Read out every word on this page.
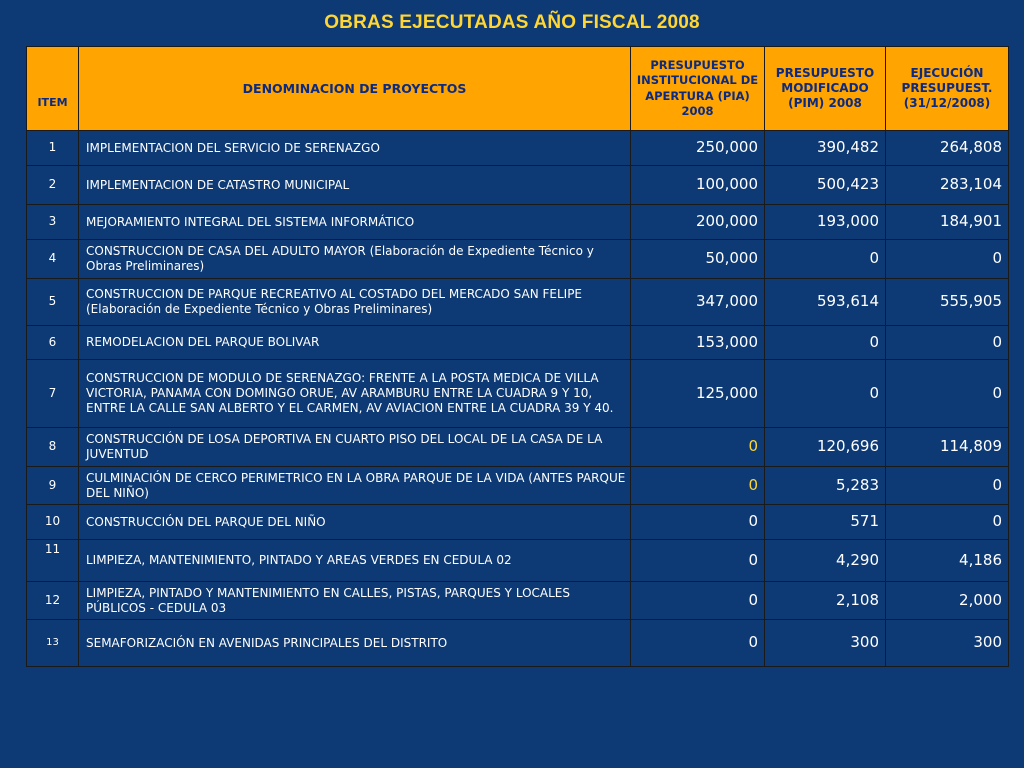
OBRAS EJECUTADAS AÑO FISCAL 2008
ITEM	DENOMINACION DE PROYECTOS	PRESUPUESTO INSTITUCIONAL DE APERTURA (PIA) 2008	PRESUPUESTO MODIFICADO (PIM) 2008	EJECUCIÓN PRESUPUEST. (31/12/2008)
1	IMPLEMENTACION DEL SERVICIO DE SERENAZGO	250,000	390,482	264,808
2	IMPLEMENTACION DE CATASTRO MUNICIPAL	100,000	500,423	283,104
3	MEJORAMIENTO INTEGRAL DEL SISTEMA INFORMÁTICO	200,000	193,000	184,901
4	CONSTRUCCION DE CASA DEL ADULTO MAYOR (Elaboración de Expediente Técnico y Obras Preliminares)	50,000	0	0
5	CONSTRUCCION DE PARQUE RECREATIVO AL COSTADO DEL MERCADO SAN FELIPE (Elaboración de Expediente Técnico y Obras Preliminares)	347,000	593,614	555,905
6	REMODELACION DEL PARQUE BOLIVAR	153,000	0	0
7	CONSTRUCCION DE MODULO DE SERENAZGO: FRENTE A LA POSTA MEDICA DE VILLA VICTORIA, PANAMA CON DOMINGO ORUE, AV ARAMBURU ENTRE LA CUADRA 9 Y 10, ENTRE LA CALLE SAN ALBERTO Y EL CARMEN, AV AVIACION ENTRE LA CUADRA 39 Y 40.	125,000	0	0
8	CONSTRUCCIÓN DE LOSA DEPORTIVA EN CUARTO PISO DEL LOCAL DE LA CASA DE LA JUVENTUD	0	120,696	114,809
9	CULMINACIÓN DE CERCO PERIMETRICO EN LA OBRA PARQUE DE LA VIDA (ANTES PARQUE DEL NIÑO)	0	5,283	0
10	CONSTRUCCIÓN DEL PARQUE DEL NIÑO	0	571	0
11	LIMPIEZA, MANTENIMIENTO, PINTADO Y AREAS VERDES EN CEDULA 02	0	4,290	4,186
12	LIMPIEZA, PINTADO Y MANTENIMIENTO EN CALLES, PISTAS, PARQUES Y LOCALES PÚBLICOS - CEDULA 03	0	2,108	2,000
13	SEMAFORIZACIÓN EN AVENIDAS PRINCIPALES DEL DISTRITO	0	300	300
